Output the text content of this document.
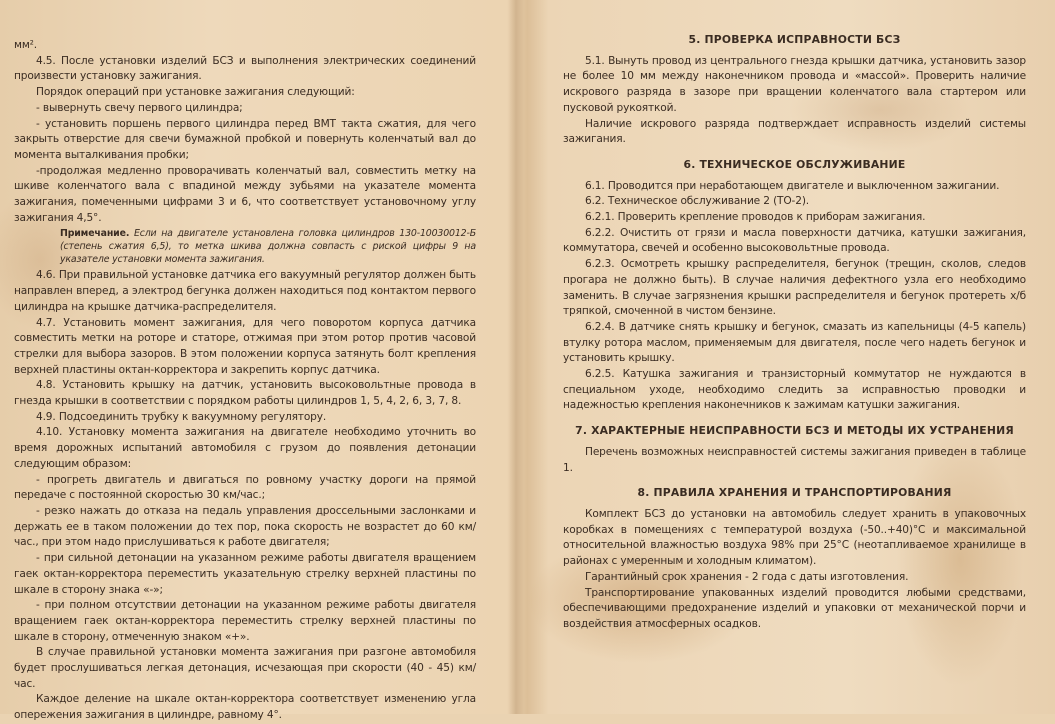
мм².

4.5. После установки изделий БСЗ и выполнения электрических соединений произвести установку зажигания.

Порядок операций при установке зажигания следующий:

- вывернуть свечу первого цилиндра;

- установить поршень первого цилиндра перед ВМТ такта сжатия, для чего закрыть отверстие для свечи бумажной пробкой и повернуть коленчатый вал до момента выталкивания пробки;

-продолжая медленно проворачивать коленчатый вал, совместить метку на шкиве коленчатого вала с впадиной между зубьями на указателе момента зажигания, помеченными цифрами 3 и 6, что соответствует установочному углу зажигания 4,5°.

Примечание. Если на двигателе установлена головка цилиндров 130-10030012-Б (степень сжатия 6,5), то метка шкива должна совпасть с риской цифры 9 на указателе установки момента зажигания.

4.6. При правильной установке датчика его вакуумный регулятор должен быть направлен вперед, а электрод бегунка должен находиться под контактом первого цилиндра на крышке датчика-распределителя.

4.7. Установить момент зажигания, для чего поворотом корпуса датчика совместить метки на роторе и статоре, отжимая при этом ротор против часовой стрелки для выбора зазоров. В этом положении корпуса затянуть болт крепления верхней пластины октан-корректора и закрепить корпус датчика.

4.8. Установить крышку на датчик, установить высоковольтные провода в гнезда крышки в соответствии с порядком работы цилиндров 1, 5, 4, 2, 6, 3, 7, 8.

4.9. Подсоединить трубку к вакуумному регулятору.

4.10. Установку момента зажигания на двигателе необходимо уточнить во время дорожных испытаний автомобиля с грузом до появления детонации следующим образом:

- прогреть двигатель и двигаться по ровному участку дороги на прямой передаче с постоянной скоростью 30 км/час.;

- резко нажать до отказа на педаль управления дроссельными заслонками и держать ее в таком положении до тех пор, пока скорость не возрастет до 60 км/час., при этом надо прислушиваться к работе двигателя;

- при сильной детонации на указанном режиме работы двигателя вращением гаек октан-корректора переместить указательную стрелку верхней пластины по шкале в сторону знака «-»;

- при полном отсутствии детонации на указанном режиме работы двигателя вращением гаек октан-корректора переместить стрелку верхней пластины по шкале в сторону, отмеченную знаком «+».

В случае правильной установки момента зажигания при разгоне автомобиля будет прослушиваться легкая детонация, исчезающая при скорости (40 - 45) км/час.

Каждое деление на шкале октан-корректора соответствует изменению угла опережения зажигания в цилиндре, равному 4°.

5. ПРОВЕРКА ИСПРАВНОСТИ БСЗ

5.1. Вынуть провод из центрального гнезда крышки датчика, установить зазор не более 10 мм между наконечником провода и «массой». Проверить наличие искрового разряда в зазоре при вращении коленчатого вала стартером или пусковой рукояткой.

Наличие искрового разряда подтверждает исправность изделий системы зажигания.

6. ТЕХНИЧЕСКОЕ ОБСЛУЖИВАНИЕ

6.1. Проводится при неработающем двигателе и выключенном зажигании.

6.2. Техническое обслуживание 2 (ТО-2).

6.2.1. Проверить крепление проводов к приборам зажигания.

6.2.2. Очистить от грязи и масла поверхности датчика, катушки зажигания, коммутатора, свечей и особенно высоковольтные провода.

6.2.3. Осмотреть крышку распределителя, бегунок (трещин, сколов, следов прогара не должно быть). В случае наличия дефектного узла его необходимо заменить. В случае загрязнения крышки распределителя и бегунок протереть х/б тряпкой, смоченной в чистом бензине.

6.2.4. В датчике снять крышку и бегунок, смазать из капельницы (4-5 капель) втулку ротора маслом, применяемым для двигателя, после чего надеть бегунок и установить крышку.

6.2.5. Катушка зажигания и транзисторный коммутатор не нуждаются в специальном уходе, необходимо следить за исправностью проводки и надежностью крепления наконечников к зажимам катушки зажигания.

7. ХАРАКТЕРНЫЕ НЕИСПРАВНОСТИ БСЗ И МЕТОДЫ ИХ УСТРАНЕНИЯ

Перечень возможных неисправностей системы зажигания приведен в таблице 1.

8. ПРАВИЛА ХРАНЕНИЯ И ТРАНСПОРТИРОВАНИЯ

Комплект БСЗ до установки на автомобиль следует хранить в упаковочных коробках в помещениях с температурой воздуха (-50..+40)°С и максимальной относительной влажностью воздуха 98% при 25°С (неотапливаемое хранилище в районах с умеренным и холодным климатом).

Гарантийный срок хранения - 2 года с даты изготовления.

Транспортирование упакованных изделий проводится любыми средствами, обеспечивающими предохранение изделий и упаковки от механической порчи и воздействия атмосферных осадков.
